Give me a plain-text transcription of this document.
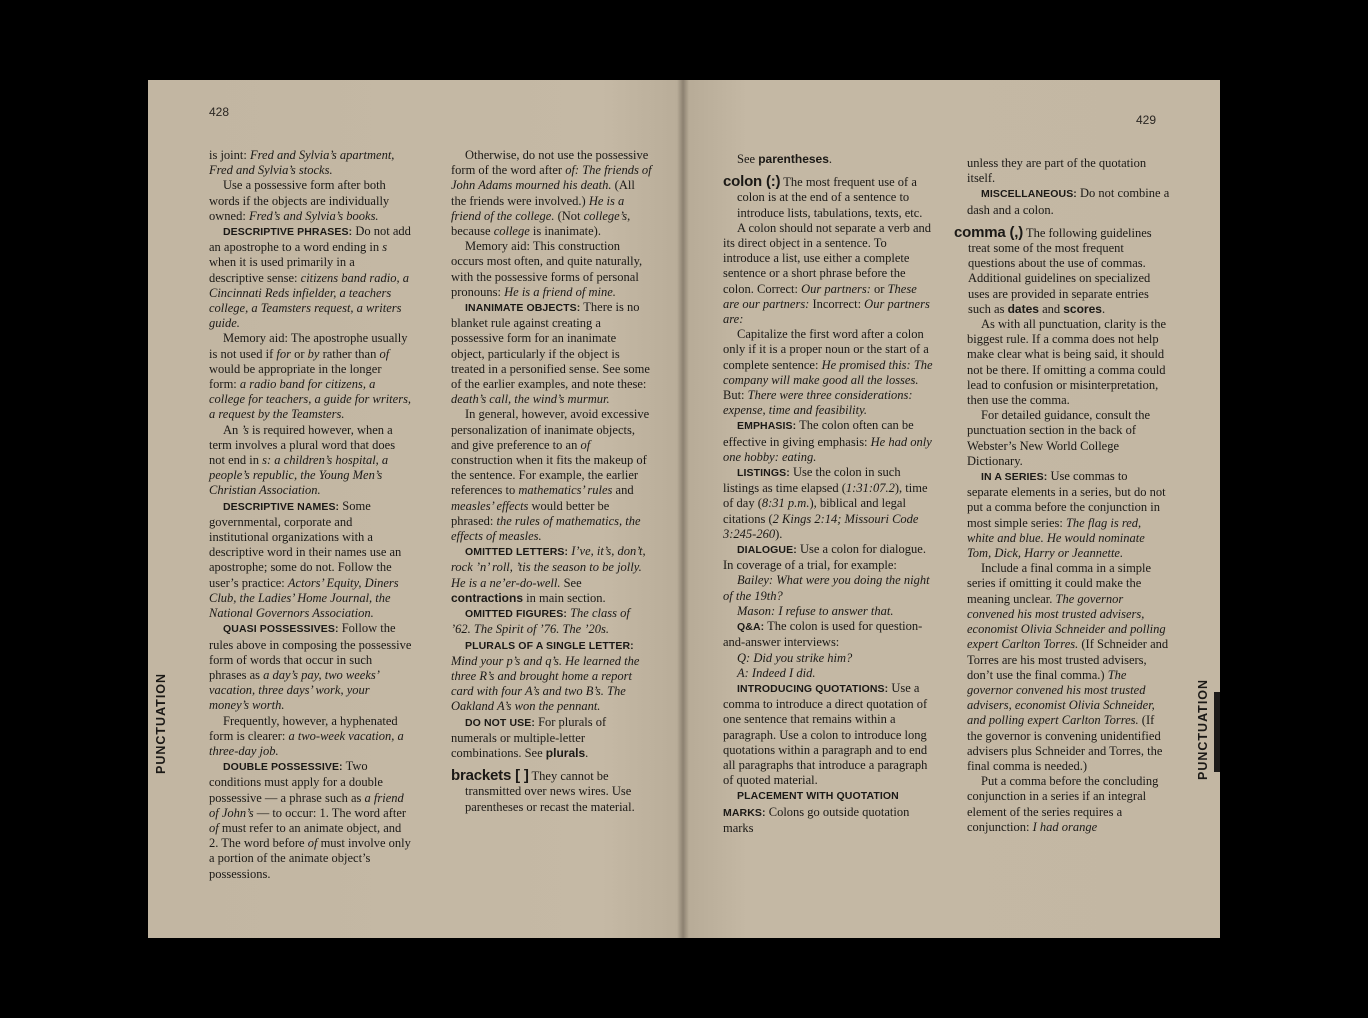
428

is joint: Fred and Sylvia’s apartment, Fred and Sylvia’s stocks.

Use a possessive form after both words if the objects are individually owned: Fred’s and Sylvia’s books.

DESCRIPTIVE PHRASES: Do not add an apostrophe to a word ending in s when it is used primarily in a descriptive sense: citizens band radio, a Cincinnati Reds infielder, a teachers college, a Teamsters request, a writers guide.

Memory aid: The apostrophe usually is not used if for or by rather than of would be appropriate in the longer form: a radio band for citizens, a college for teachers, a guide for writers, a request by the Teamsters.

An ’s is required however, when a term involves a plural word that does not end in s: a children’s hospital, a people’s republic, the Young Men’s Christian Association.

DESCRIPTIVE NAMES: Some governmental, corporate and institutional organizations with a descriptive word in their names use an apostrophe; some do not. Follow the user’s practice: Actors’ Equity, Diners Club, the Ladies’ Home Journal, the National Governors Association.

QUASI POSSESSIVES: Follow the rules above in composing the possessive form of words that occur in such phrases as a day’s pay, two weeks’ vacation, three days’ work, your money’s worth.

Frequently, however, a hyphenated form is clearer: a two-week vacation, a three-day job.

DOUBLE POSSESSIVE: Two conditions must apply for a double possessive — a phrase such as a friend of John’s — to occur: 1. The word after of must refer to an animate object, and 2. The word before of must involve only a portion of the animate object’s possessions.

Otherwise, do not use the possessive form of the word after of: The friends of John Adams mourned his death. (All the friends were involved.) He is a friend of the college. (Not college’s, because college is inanimate).

Memory aid: This construction occurs most often, and quite naturally, with the possessive forms of personal pronouns: He is a friend of mine.

INANIMATE OBJECTS: There is no blanket rule against creating a possessive form for an inanimate object, particularly if the object is treated in a personified sense. See some of the earlier examples, and note these: death’s call, the wind’s murmur.

In general, however, avoid excessive personalization of inanimate objects, and give preference to an of construction when it fits the makeup of the sentence. For example, the earlier references to mathematics’ rules and measles’ effects would better be phrased: the rules of mathematics, the effects of measles.

OMITTED LETTERS: I’ve, it’s, don’t, rock ’n’ roll, ’tis the season to be jolly. He is a ne’er-do-well. See contractions in main section.

OMITTED FIGURES: The class of ’62. The Spirit of ’76. The ’20s.

PLURALS OF A SINGLE LETTER: Mind your p’s and q’s. He learned the three R’s and brought home a report card with four A’s and two B’s. The Oakland A’s won the pennant.

DO NOT USE: For plurals of numerals or multiple-letter combinations. See plurals.

brackets [ ] They cannot be transmitted over news wires. Use parentheses or recast the material.

PUNCTUATION
429

See parentheses.

colon (:) The most frequent use of a colon is at the end of a sentence to introduce lists, tabulations, texts, etc.

A colon should not separate a verb and its direct object in a sentence. To introduce a list, use either a complete sentence or a short phrase before the colon. Correct: Our partners: or These are our partners: Incorrect: Our partners are:

Capitalize the first word after a colon only if it is a proper noun or the start of a complete sentence: He promised this: The company will make good all the losses. But: There were three considerations: expense, time and feasibility.

EMPHASIS: The colon often can be effective in giving emphasis: He had only one hobby: eating.

LISTINGS: Use the colon in such listings as time elapsed (1:31:07.2), time of day (8:31 p.m.), biblical and legal citations (2 Kings 2:14; Missouri Code 3:245-260).

DIALOGUE: Use a colon for dialogue. In coverage of a trial, for example:

Bailey: What were you doing the night of the 19th?

Mason: I refuse to answer that.

Q&A: The colon is used for question-and-answer interviews:

Q: Did you strike him?

A: Indeed I did.

INTRODUCING QUOTATIONS: Use a comma to introduce a direct quotation of one sentence that remains within a paragraph. Use a colon to introduce long quotations within a paragraph and to end all paragraphs that introduce a paragraph of quoted material.

PLACEMENT WITH QUOTATION MARKS: Colons go outside quotation marks

unless they are part of the quotation itself.

MISCELLANEOUS: Do not combine a dash and a colon.

comma (,) The following guidelines treat some of the most frequent questions about the use of commas. Additional guidelines on specialized uses are provided in separate entries such as dates and scores.

As with all punctuation, clarity is the biggest rule. If a comma does not help make clear what is being said, it should not be there. If omitting a comma could lead to confusion or misinterpretation, then use the comma.

For detailed guidance, consult the punctuation section in the back of Webster’s New World College Dictionary.

IN A SERIES: Use commas to separate elements in a series, but do not put a comma before the conjunction in most simple series: The flag is red, white and blue. He would nominate Tom, Dick, Harry or Jeannette.

Include a final comma in a simple series if omitting it could make the meaning unclear. The governor convened his most trusted advisers, economist Olivia Schneider and polling expert Carlton Torres. (If Schneider and Torres are his most trusted advisers, don’t use the final comma.) The governor convened his most trusted advisers, economist Olivia Schneider, and polling expert Carlton Torres. (If the governor is convening unidentified advisers plus Schneider and Torres, the final comma is needed.)

Put a comma before the concluding conjunction in a series if an integral element of the series requires a conjunction: I had orange

PUNCTUATION
